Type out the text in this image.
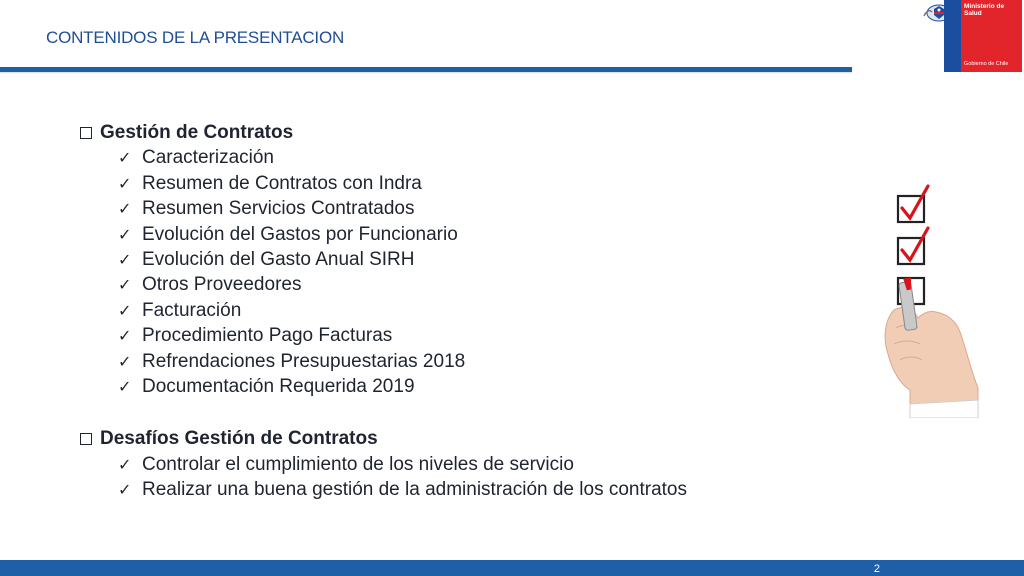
CONTENIDOS DE LA PRESENTACION
Ministerio de
Salud
Gobierno de Chile
Gestión de Contratos
✓ Caracterización
✓ Resumen de Contratos con Indra
✓ Resumen Servicios Contratados
✓ Evolución del Gastos por Funcionario
✓ Evolución del Gasto Anual SIRH
✓ Otros Proveedores
✓ Facturación
✓ Procedimiento Pago Facturas
✓ Refrendaciones Presupuestarias 2018
✓ Documentación Requerida 2019
Desafíos Gestión de Contratos
✓ Controlar el cumplimiento de los niveles de servicio
✓ Realizar una buena gestión de la administración de los contratos
2
